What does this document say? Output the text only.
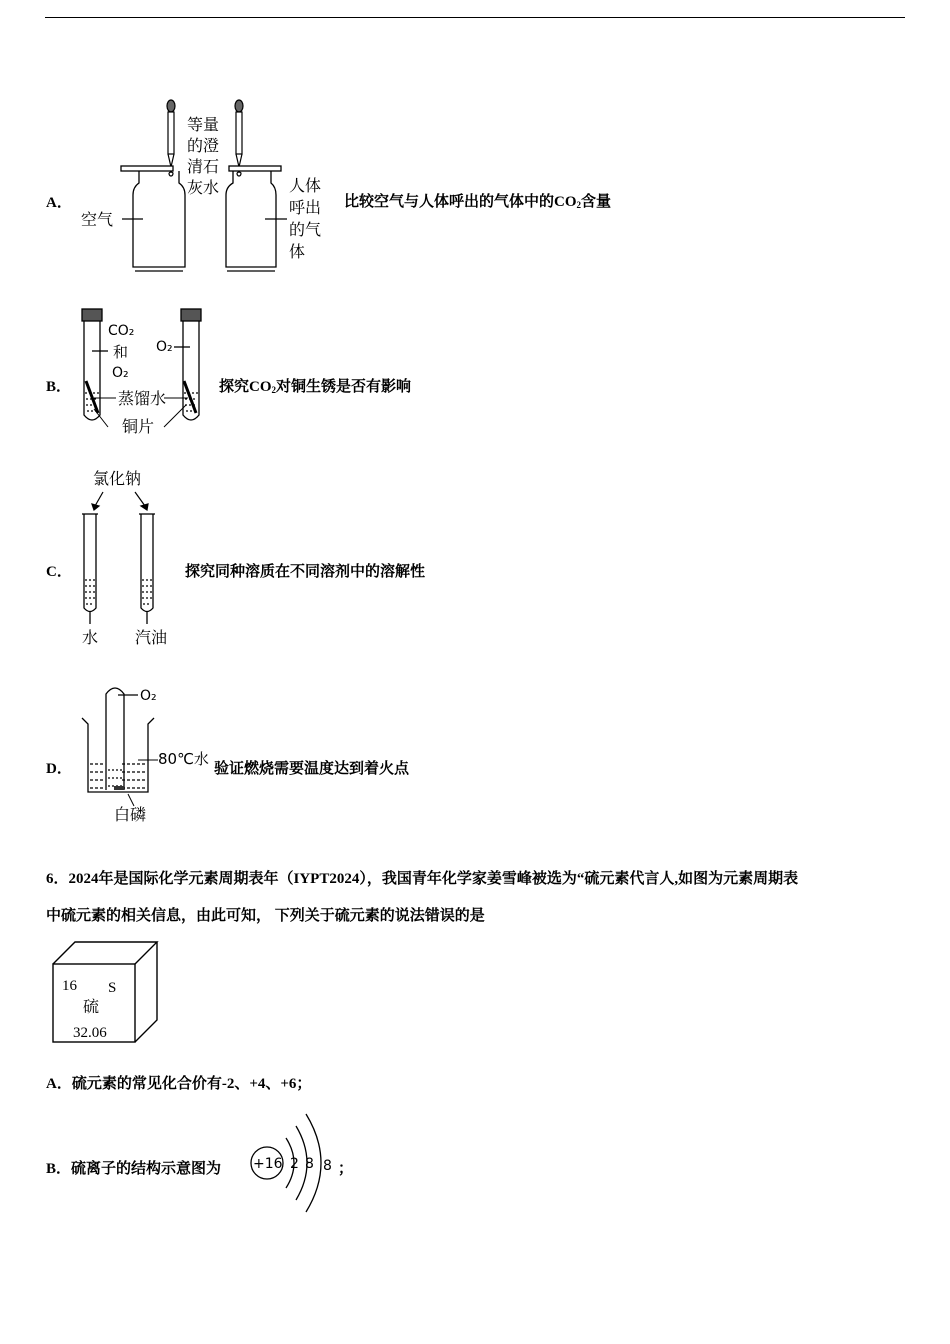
A．
等量
的澄
清石
灰水
空气
人体
呼出
的气
体
比较空气与人体呼出的气体中的$CO_2$含量
B．
CO₂
和
O₂
O₂
蒸馏水
铜片
探究$CO_2$对铜生锈是否有影响
C．
氯化钠
水 汽油
探究同种溶质在不同溶剂中的溶解性
D．
O₂
80℃水
白磷
验证燃烧需要温度达到着火点
6．2024年是国际化学元素周期表年（IYPT2024），我国青年化学家姜雪峰被选为“硫元素代言人,如图为元素周期表
中硫元素的相关信息，由此可知， 下列关于硫元素的说法错误的是
16 S
硫
32.06
A．硫元素的常见化合价有-2、+4、+6；
B．硫离子的结构示意图为 +16 2 8 8 ；
